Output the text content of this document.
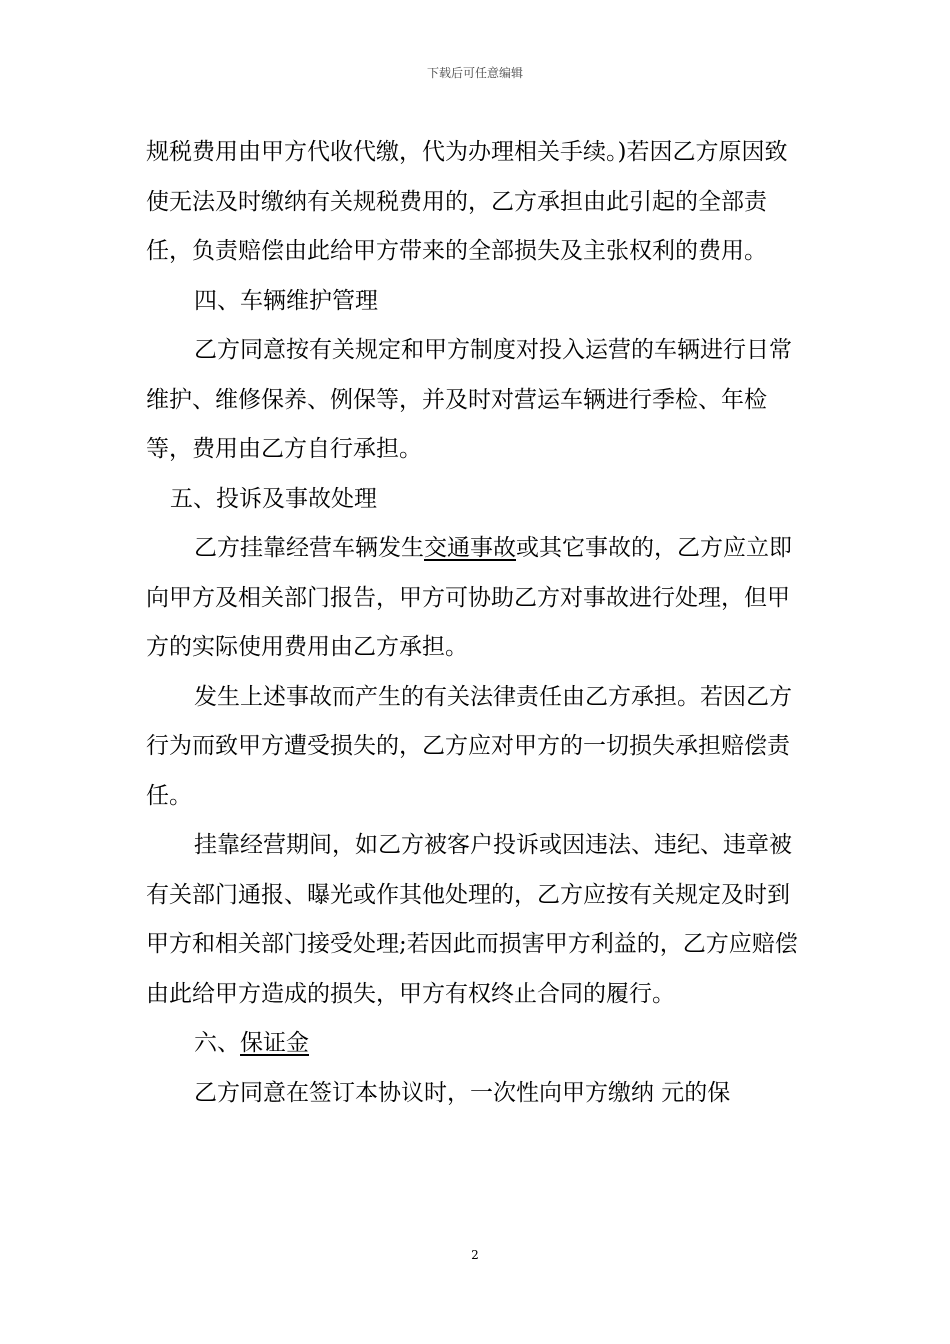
下载后可任意编辑

规税费用由甲方代收代缴，代为办理相关手续。)若因乙方原因致使无法及时缴纳有关规税费用的，乙方承担由此引起的全部责任，负责赔偿由此给甲方带来的全部损失及主张权利的费用。

四、车辆维护管理

乙方同意按有关规定和甲方制度对投入运营的车辆进行日常维护、维修保养、例保等，并及时对营运车辆进行季检、年检等，费用由乙方自行承担。

五、投诉及事故处理

乙方挂靠经营车辆发生交通事故或其它事故的，乙方应立即向甲方及相关部门报告，甲方可协助乙方对事故进行处理，但甲方的实际使用费用由乙方承担。

发生上述事故而产生的有关法律责任由乙方承担。若因乙方行为而致甲方遭受损失的，乙方应对甲方的一切损失承担赔偿责任。

挂靠经营期间，如乙方被客户投诉或因违法、违纪、违章被有关部门通报、曝光或作其他处理的，乙方应按有关规定及时到甲方和相关部门接受处理;若因此而损害甲方利益的，乙方应赔偿由此给甲方造成的损失，甲方有权终止合同的履行。

六、保证金

乙方同意在签订本协议时，一次性向甲方缴纳 元的保

2
